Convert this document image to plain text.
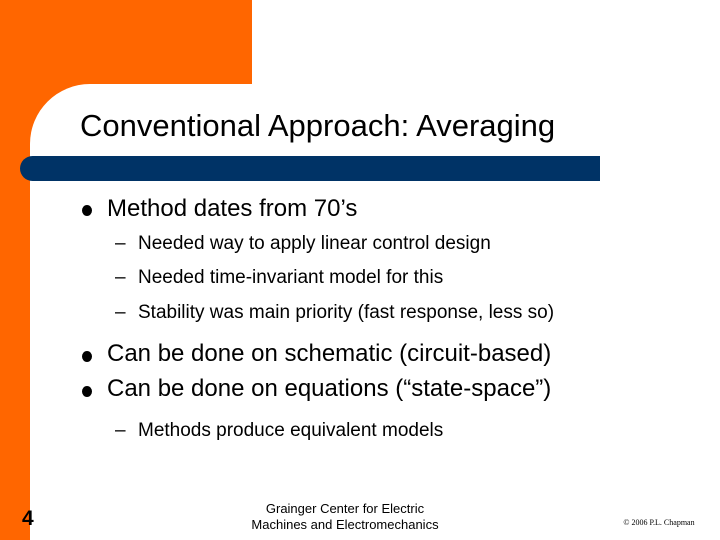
Conventional Approach: Averaging
Method dates from 70’s
– Needed way to apply linear control design
– Needed time-invariant model for this
– Stability was main priority (fast response, less so)
Can be done on schematic (circuit-based)
Can be done on equations (“state-space”)
– Methods produce equivalent models
4	Grainger Center for Electric
Machines and Electromechanics	© 2006 P.L. Chapman
